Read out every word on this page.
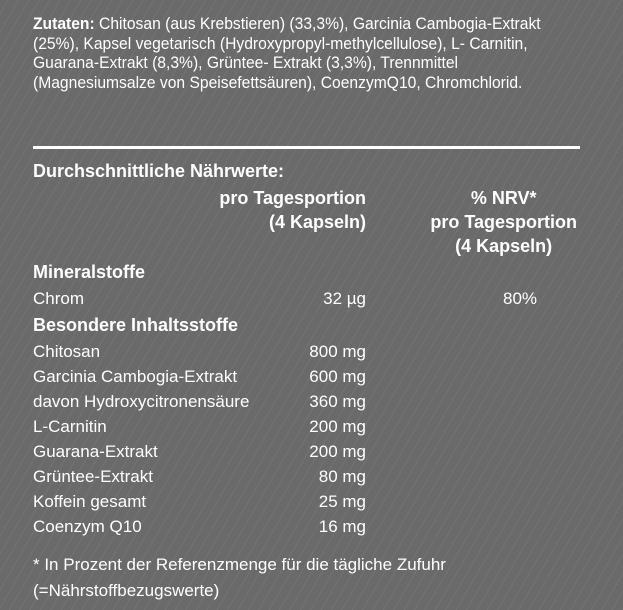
Zutaten: Chitosan (aus Krebstieren) (33,3%), Garcinia Cambogia-Extrakt (25%), Kapsel vegetarisch (Hydroxypropyl-methylcellulose), L- Carnitin, Guarana-Extrakt (8,3%), Grüntee- Extrakt (3,3%), Trennmittel (Magnesiumsalze von Speisefettsäuren), CoenzymQ10, Chromchlorid.
Durchschnittliche Nährwerte:
pro Tagesportion
(4 Kapseln)
% NRV*
pro Tagesportion
(4 Kapseln)
Mineralstoffe
Chrom	32 µg	80%
Besondere Inhaltsstoffe
Chitosan	800 mg
Garcinia Cambogia-Extrakt	600 mg
davon Hydroxycitronensäure	360 mg
L-Carnitin	200 mg
Guarana-Extrakt	200 mg
Grüntee-Extrakt	80 mg
Koffein gesamt	25 mg
Coenzym Q10	16 mg
* In Prozent der Referenzmenge für die tägliche Zufuhr
(=Nährstoffbezugswerte)
